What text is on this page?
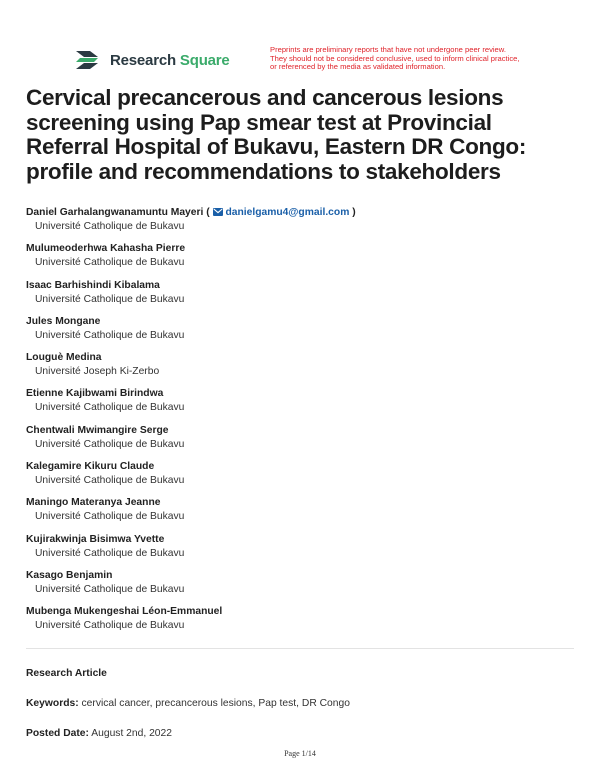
Research Square
Preprints are preliminary reports that have not undergone peer review.
They should not be considered conclusive, used to inform clinical practice,
or referenced by the media as validated information.
Cervical precancerous and cancerous lesions screening using Pap smear test at Provincial Referral Hospital of Bukavu, Eastern DR Congo: profile and recommendations to stakeholders
Daniel Garhalangwanamuntu Mayeri (  danielgamu4@gmail.com )
Université Catholique de Bukavu
Mulumeoderhwa Kahasha Pierre
Université Catholique de Bukavu
Isaac Barhishindi Kibalama
Université Catholique de Bukavu
Jules Mongane
Université Catholique de Bukavu
Louguè Medina
Université Joseph Ki-Zerbo
Etienne Kajibwami Birindwa
Université Catholique de Bukavu
Chentwali Mwimangire Serge
Université Catholique de Bukavu
Kalegamire Kikuru Claude
Université Catholique de Bukavu
Maningo Materanya Jeanne
Université Catholique de Bukavu
Kujirakwinja Bisimwa Yvette
Université Catholique de Bukavu
Kasago Benjamin
Université Catholique de Bukavu
Mubenga Mukengeshai Léon-Emmanuel
Université Catholique de Bukavu
Research Article
Keywords: cervical cancer, precancerous lesions, Pap test, DR Congo
Posted Date: August 2nd, 2022
Page 1/14
